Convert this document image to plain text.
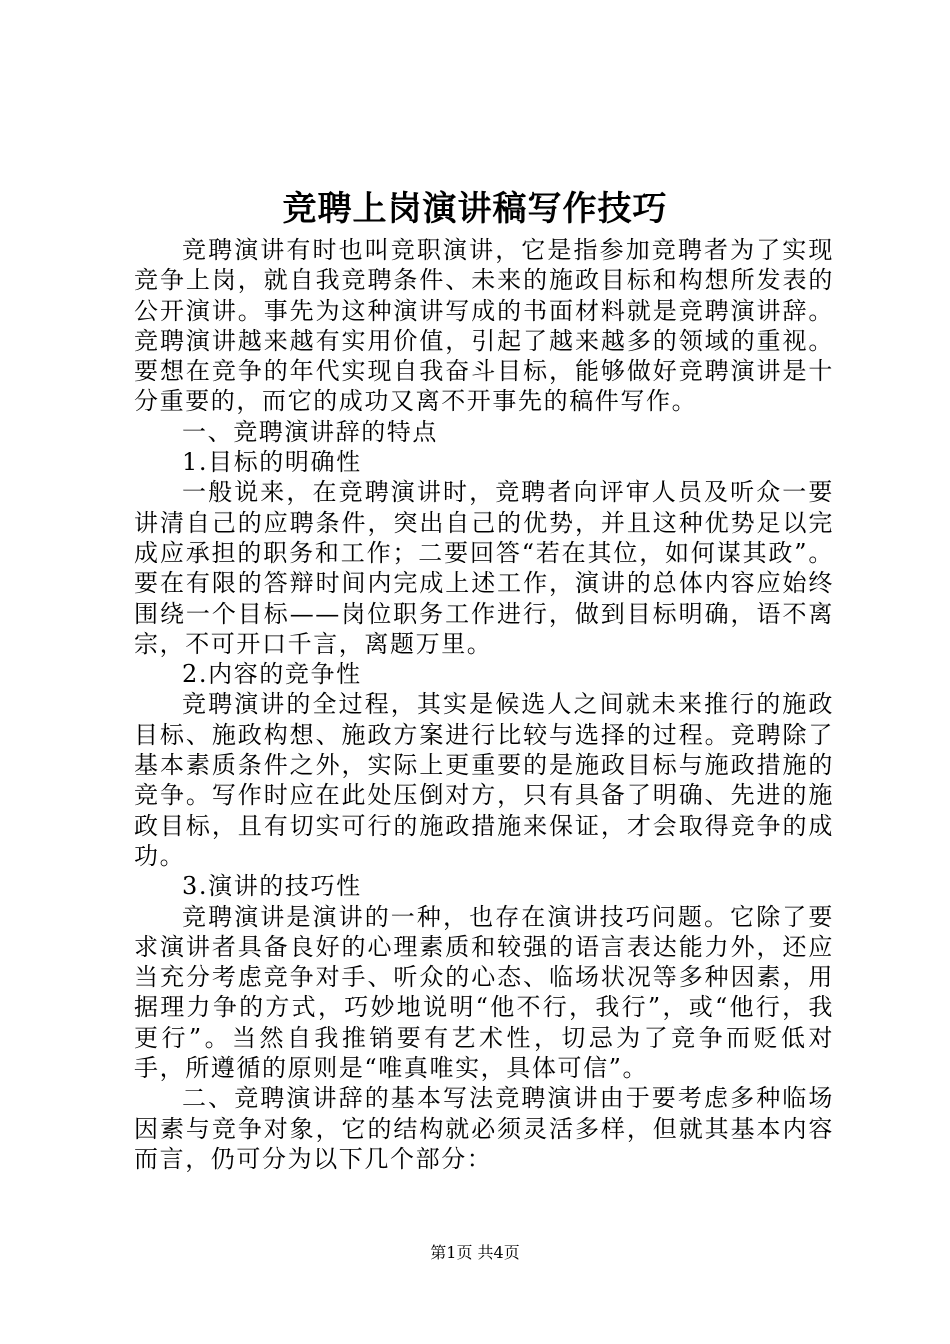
竞聘上岗演讲稿写作技巧

竞聘演讲有时也叫竞职演讲，它是指参加竞聘者为了实现竞争上岗，就自我竞聘条件、未来的施政目标和构想所发表的公开演讲。事先为这种演讲写成的书面材料就是竞聘演讲辞。竞聘演讲越来越有实用价值，引起了越来越多的领域的重视。要想在竞争的年代实现自我奋斗目标，能够做好竞聘演讲是十分重要的，而它的成功又离不开事先的稿件写作。

一、竞聘演讲辞的特点

1.目标的明确性

一般说来，在竞聘演讲时，竞聘者向评审人员及听众一要讲清自己的应聘条件，突出自己的优势，并且这种优势足以完成应承担的职务和工作；二要回答“若在其位，如何谋其政”。要在有限的答辩时间内完成上述工作，演讲的总体内容应始终围绕一个目标——岗位职务工作进行，做到目标明确，语不离宗，不可开口千言，离题万里。

2.内容的竞争性

竞聘演讲的全过程，其实是候选人之间就未来推行的施政目标、施政构想、施政方案进行比较与选择的过程。竞聘除了基本素质条件之外，实际上更重要的是施政目标与施政措施的竞争。写作时应在此处压倒对方，只有具备了明确、先进的施政目标，且有切实可行的施政措施来保证，才会取得竞争的成功。

3.演讲的技巧性

竞聘演讲是演讲的一种，也存在演讲技巧问题。它除了要求演讲者具备良好的心理素质和较强的语言表达能力外，还应当充分考虑竞争对手、听众的心态、临场状况等多种因素，用据理力争的方式，巧妙地说明“他不行，我行”，或“他行，我更行”。当然自我推销要有艺术性，切忌为了竞争而贬低对手，所遵循的原则是“唯真唯实，具体可信”。

二、竞聘演讲辞的基本写法竞聘演讲由于要考虑多种临场因素与竞争对象，它的结构就必须灵活多样，但就其基本内容而言，仍可分为以下几个部分：

第1页 共4页
